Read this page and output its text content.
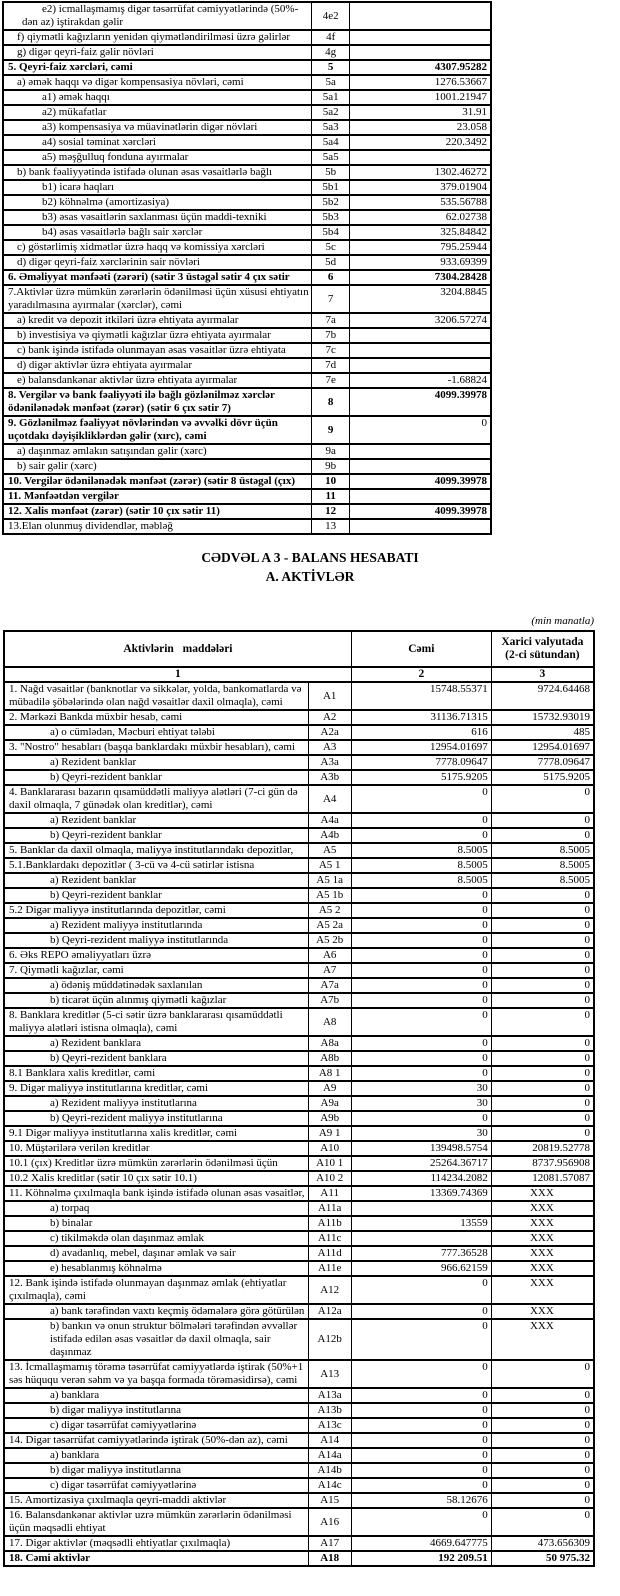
e2) icmallaşmamış digər təsərrüfat cəmiyyətlərində (50%-dən az) iştirakdan gəlir	4e2	
f) qiymətli kağızların yenidən qiymətləndirilməsi üzrə gəlirlər	4f	
g) digər qeyri-faiz gəlir növləri	4g	
5. Qeyri-faiz xərcləri, cəmi	5	4307.95282
a) əmək haqqı və digər kompensasiya növləri, cəmi	5a	1276.53667
a1) əmək haqqı	5a1	1001.21947
a2) mükafatlar	5a2	31.91
a3) kompensasiya və müavinətlərin digər növləri	5a3	23.058
a4) sosial təminat xərcləri	5a4	220.3492
a5) məşğulluq fonduna ayırmalar	5a5	
b) bank fəaliyyətində istifadə olunan əsas vəsaitlərlə bağlı	5b	1302.46272
b1) icarə haqları	5b1	379.01904
b2) köhnəlmə (amortizasiya)	5b2	535.56788
b3) əsas vəsaitlərin saxlanması üçün maddi-texniki	5b3	62.02738
b4) əsas vəsaitlərlə bağlı sair xərclər	5b4	325.84842
c) göstərlimiş xidmətlər üzrə haqq və komissiya xərcləri	5c	795.25944
d) digər qeyri-faiz xərclərinin sair növləri	5d	933.69399
6. Əməliyyat mənfəəti (zərəri) (sətir 3 üstəgəl sətir 4 çıx sətir	6	7304.28428
7.Aktivlər üzrə mümkün zərərlərin ödənilməsi üçün xüsusi ehtiyatın yaradılmasına ayırmalar (xərclər), cəmi	7	3204.8845
a) kredit və depozit itkiləri üzrə ehtiyata ayırmalar	7a	3206.57274
b) investisiya və qiymətli kağızlar üzrə ehtiyata ayırmalar	7b	
c) bank işində istifadə olunmayan əsas vəsaitlər üzrə ehtiyata	7c	
d) digər aktivlər üzrə ehtiyata ayırmalar	7d	
e) balansdankənar aktivlər üzrə ehtiyata ayırmalar	7e	-1.68824
8. Vergilər və bank fəaliyyəti ilə bağlı gözlənilməz xərclər ödənilənədək mənfəət (zərər) (sətir 6 çıx sətir 7)	8	4099.39978
9. Gözlənilməz fəaliyyət növlərindən və əvvəlki dövr üçün uçotdakı dəyişikliklərdən gəlir (xırc), cəmi	9	0
a) daşınmaz əmlakın satışından gəlir (xərc)	9a	
b) sair gəlir (xərc)	9b	
10. Vergilər ödənilənədək mənfəət (zərər) (sətir 8 üstəgəl (çıx)	10	4099.39978
11. Mənfəətdən vergilər	11	
12. Xalis mənfəət (zərər) (sətir 10 çıx sətir 11)	12	4099.39978
13.Elan olunmuş dividendlər, məbləğ	13	
CƏDVƏL A 3 - BALANS HESABATI
A. AKTİVLƏR
(min manatla)
Aktivlərin maddələri		Cəmi	Xarici valyutada (2-ci sütundan)
1		2	3
1. Nağd vəsaitlər (banknotlar və sikkələr, yolda, bankomatlarda və mübadilə şöbələrində olan nağd vəsaitlər daxil olmaqla), cəmi	A1	15748.55371	9724.64468
2. Mərkəzi Bankda müxbir hesab, cəmi	A2	31136.71315	15732.93019
a) o cümlədən, Məcburi ehtiyat tələbi	A2a	616	485
3. "Nostro" hesabları (başqa banklardakı müxbir hesabları), cəmi	A3	12954.01697	12954.01697
a) Rezident banklar	A3a	7778.09647	7778.09647
b) Qeyri-rezident banklar	A3b	5175.9205	5175.9205
4. Banklararası bazarın qısamüddətli maliyyə alətləri (7-ci gün də daxil olmaqla, 7 günədək olan kreditlər), cəmi	A4	0	0
a) Rezident banklar	A4a	0	0
b) Qeyri-rezident banklar	A4b	0	0
5. Banklar da daxil olmaqla, maliyyə institutlarındakı depozitlər,	A5	8.5005	8.5005
5.1.Banklardakı depozitlər ( 3-cü və 4-cü sətirlər istisna	A5 1	8.5005	8.5005
a) Rezident banklar	A5 1a	8.5005	8.5005
b) Qeyri-rezident banklar	A5 1b	0	0
5.2 Digər maliyyə institutlarında depozitlər, cəmi	A5 2	0	0
a) Rezident maliyyə institutlarında	A5 2a	0	0
b) Qeyri-rezident maliyyə institutlarında	A5 2b	0	0
6. Əks REPO əməliyyatları üzrə	A6	0	0
7. Qiymətli kağızlar, cəmi	A7	0	0
a) ödəniş müddətinədək saxlanılan	A7a	0	0
b) ticarət üçün alınmış qiymətli kağızlar	A7b	0	0
8. Banklara kreditlər (5-ci sətir üzrə banklararası qısamüddətli maliyyə alətləri istisna olmaqla), cəmi	A8	0	0
a) Rezident banklara	A8a	0	0
b) Qeyri-rezident banklara	A8b	0	0
8.1 Banklara xalis kreditlər, cəmi	A8 1	0	0
9. Digər maliyyə institutlarına kreditlər, cəmi	A9	30	0
a) Rezident maliyyə institutlarına	A9a	30	0
b) Qeyri-rezident maliyyə institutlarına	A9b	0	0
9.1 Digər maliyyə institutlarına xalis kreditlər, cəmi	A9 1	30	0
10. Müştərilərə verilən kreditlər	A10	139498.5754	20819.52778
10.1 (çıx) Kreditlər üzrə mümkün zərərlərin ödənilməsi üçün	A10 1	25264.36717	8737.956908
10.2 Xalis kreditlər (sətir 10 çıx sətir 10.1)	A10 2	114234.2082	12081.57087
11. Köhnəlmə çıxılmaqla bank işində istifadə olunan əsas vəsaitlər,	A11	13369.74369	XXX
a) torpaq	A11a		XXX
b) binalar	A11b	13559	XXX
c) tikilməkdə olan daşınmaz əmlak	A11c		XXX
d) avadanlıq, mebel, daşınar əmlak və sair	A11d	777.36528	XXX
e) hesablanmış köhnəlmə	A11e	966.62159	XXX
12. Bank işində istifadə olunmayan daşınmaz əmlak (ehtiyatlar çıxılmaqla), cəmi	A12	0	XXX
a) bank tərəfindən vaxtı keçmiş ödəmələrə görə götürülən	A12a	0	XXX
b) bankın və onun struktur bölmələri tərəfindən əvvəllər istifadə edilən əsas vəsaitlər də daxil olmaqla, sair daşınmaz	A12b	0	XXX
13. İcmallaşmamış törəmə təsərrüfat cəmiyyətlərdə iştirak (50%+1 səs hüququ verən səhm və ya başqa formada törəməsidirsə), cəmi	A13	0	0
a) banklara	A13a	0	0
b) digər maliyyə institutlarına	A13b	0	0
c) digər təsərrüfat cəmiyyətlərinə	A13c	0	0
14. Digər təsərrüfat cəmiyyətlərində iştirak (50%-dən az), cəmi	A14	0	0
a) banklara	A14a	0	0
b) digər maliyyə institutlarına	A14b	0	0
c) digər təsərrüfat cəmiyyətlərinə	A14c	0	0
15. Amortizasiya çıxılmaqla qeyri-maddi aktivlər	A15	58.12676	0
16. Balansdankənar aktivlər uzrə mümkün zərərlərin ödənilməsi üçün məqsədli ehtiyat	A16	0	0
17. Digər aktivlər (məqsədli ehtiyatlar çıxılmaqla)	A17	4669.647775	473.656309
18. Cəmi aktivlər	A18	192 209.51	50 975.32
